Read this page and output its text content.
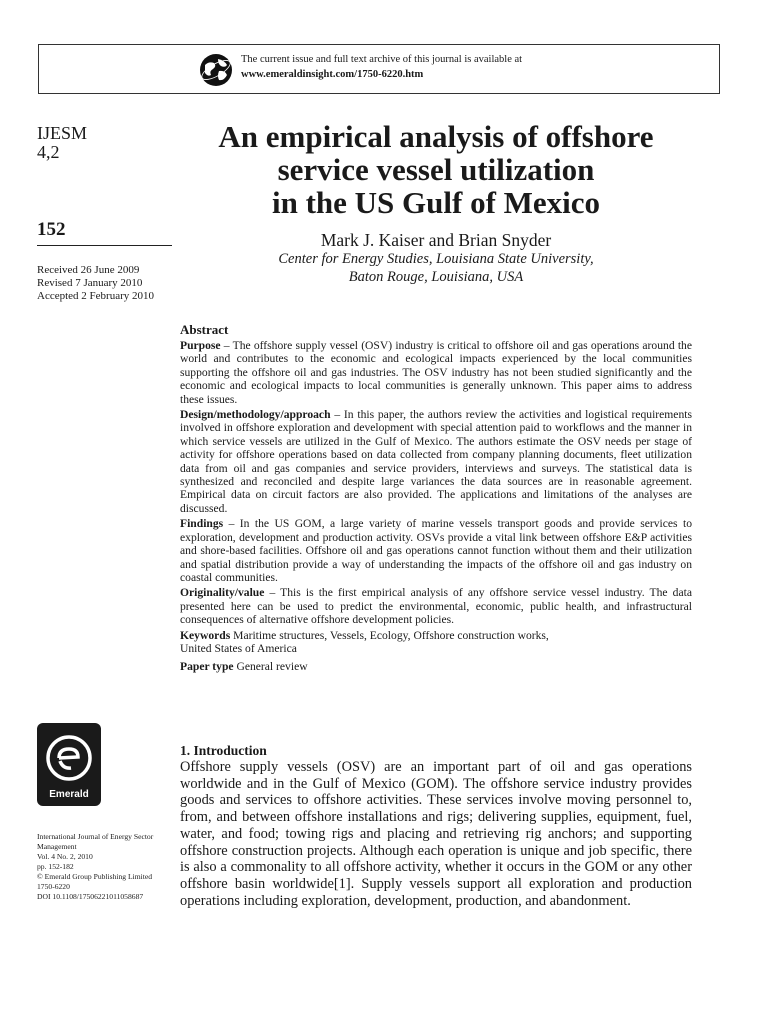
The current issue and full text archive of this journal is available at
www.emeraldinsight.com/1750-6220.htm
IJESM
4,2
152
Received 26 June 2009
Revised 7 January 2010
Accepted 2 February 2010
An empirical analysis of offshore
service vessel utilization
in the US Gulf of Mexico
Mark J. Kaiser and Brian Snyder
Center for Energy Studies, Louisiana State University,
Baton Rouge, Louisiana, USA
Abstract

Purpose – The offshore supply vessel (OSV) industry is critical to offshore oil and gas operations around the world and contributes to the economic and ecological impacts experienced by the local communities supporting the offshore oil and gas industries. The OSV industry has not been studied significantly and the economic and ecological impacts to local communities is generally unknown. This paper aims to address these issues.

Design/methodology/approach – In this paper, the authors review the activities and logistical requirements involved in offshore exploration and development with special attention paid to workflows and the manner in which service vessels are utilized in the Gulf of Mexico. The authors estimate the OSV needs per stage of activity for offshore operations based on data collected from company planning documents, fleet utilization data from oil and gas companies and service providers, interviews and surveys. The statistical data is synthesized and reconciled and despite large variances the data sources are in reasonable agreement. Empirical data on circuit factors are also provided. The applications and limitations of the analyses are discussed.

Findings – In the US GOM, a large variety of marine vessels transport goods and provide services to exploration, development and production activity. OSVs provide a vital link between offshore E&P activities and shore-based facilities. Offshore oil and gas operations cannot function without them and their utilization and spatial distribution provide a way of understanding the impacts of the offshore oil and gas industry on coastal communities.

Originality/value – This is the first empirical analysis of any offshore service vessel industry. The data presented here can be used to predict the environmental, economic, public health, and infrastructural consequences of alternative offshore development policies.

Keywords Maritime structures, Vessels, Ecology, Offshore construction works,
United States of America
Paper type General review
Emerald
International Journal of Energy Sector
Management
Vol. 4 No. 2, 2010
pp. 152-182
© Emerald Group Publishing Limited
1750-6220
DOI 10.1108/17506221011058687
1. Introduction

Offshore supply vessels (OSV) are an important part of oil and gas operations worldwide and in the Gulf of Mexico (GOM). The offshore service industry provides goods and services to offshore activities. These services involve moving personnel to, from, and between offshore installations and rigs; delivering supplies, equipment, fuel, water, and food; towing rigs and placing and retrieving rig anchors; and supporting offshore construction projects. Although each operation is unique and job specific, there is also a commonality to all offshore activity, whether it occurs in the GOM or any other offshore basin worldwide[1]. Supply vessels support all exploration and production operations including exploration, development, production, and abandonment.
